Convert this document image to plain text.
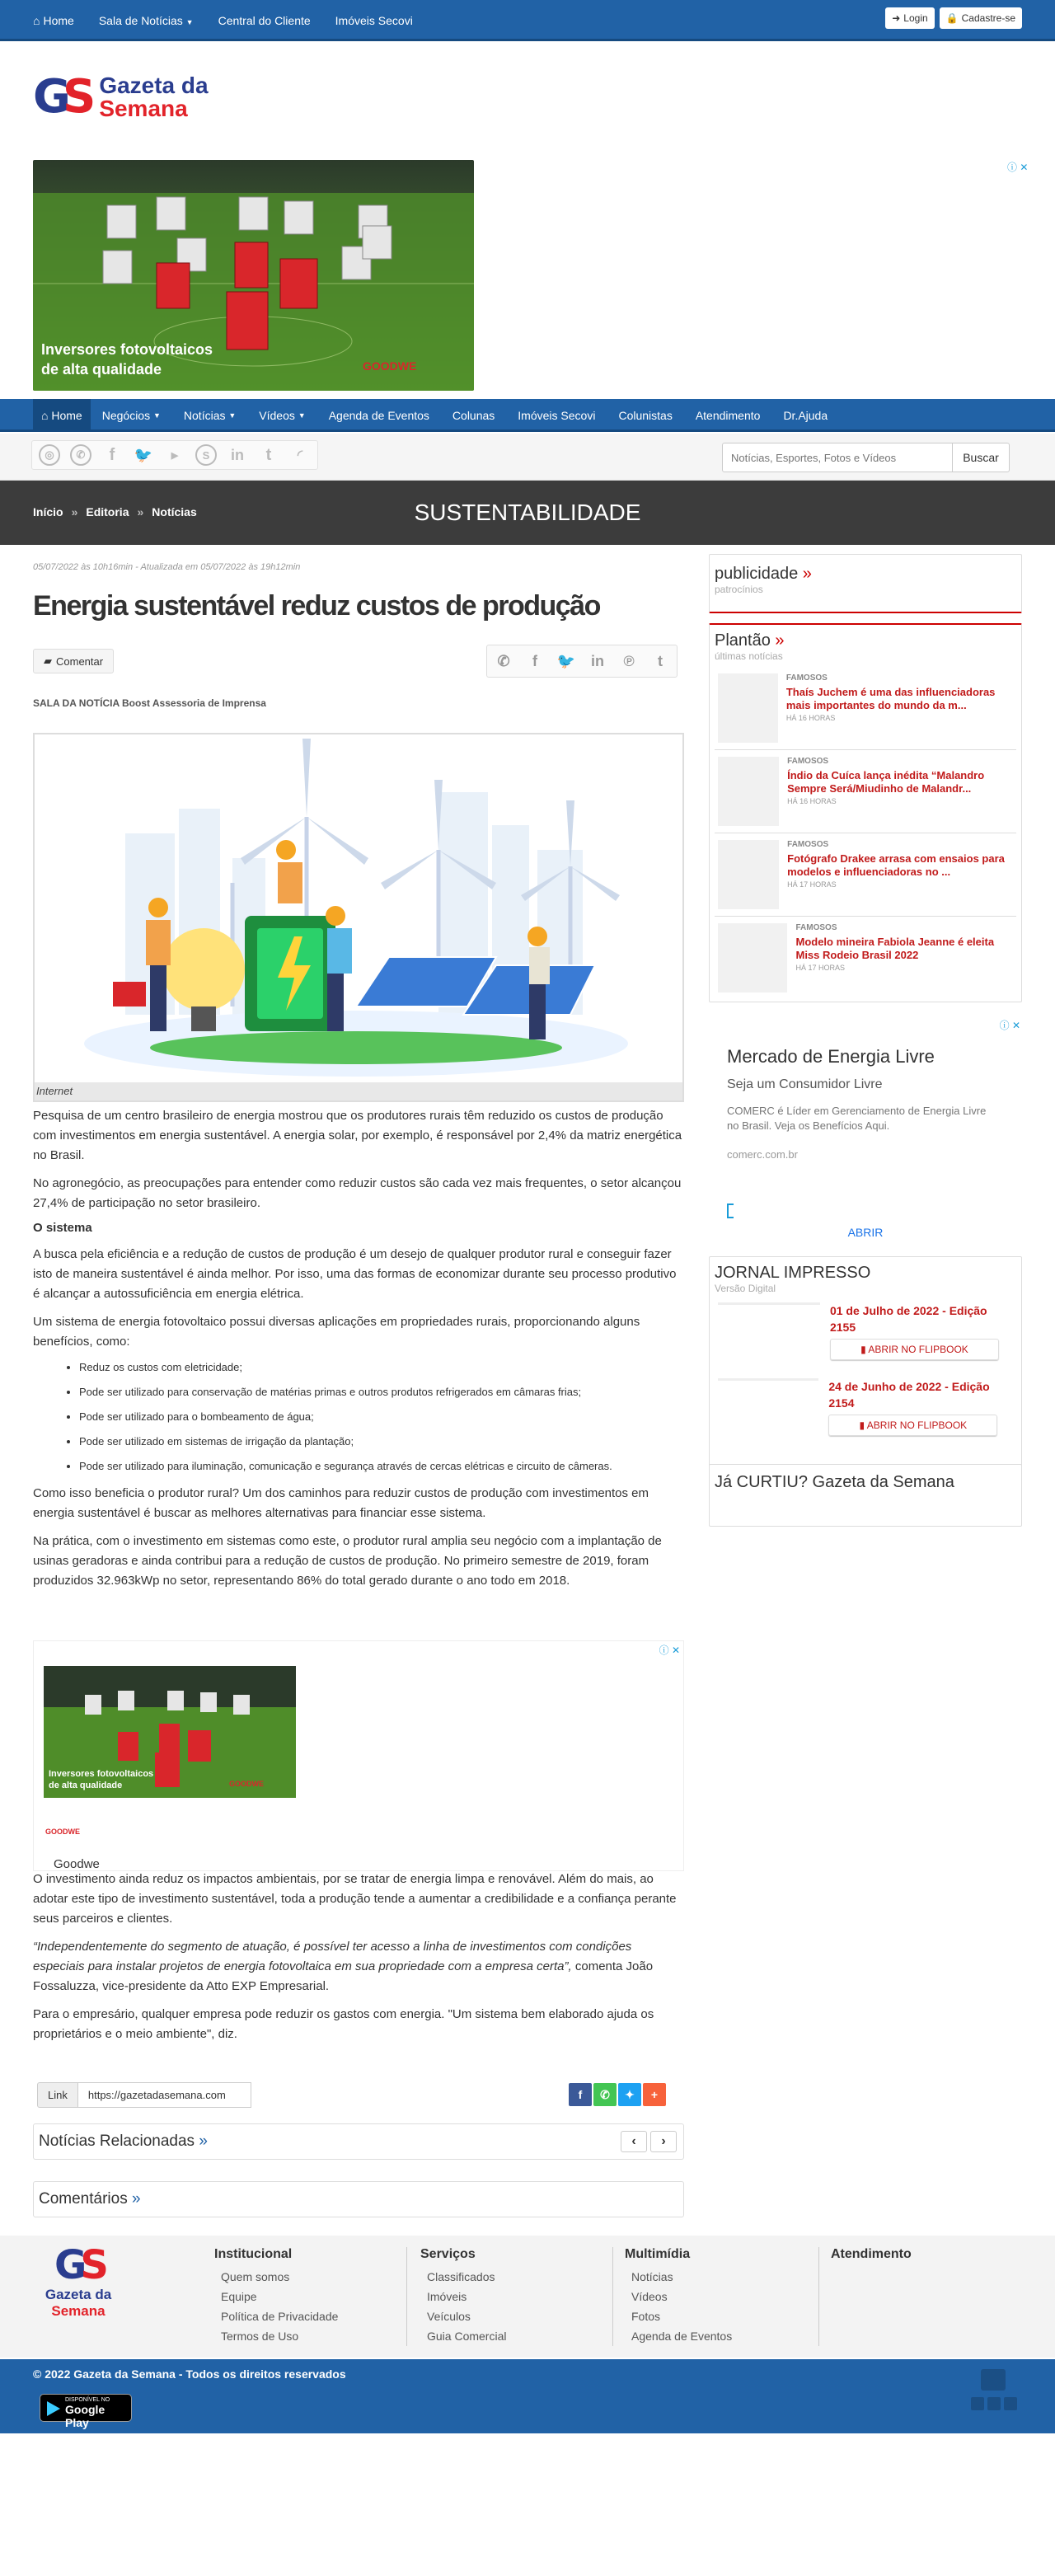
⌂ Home Sala de Notícias ▼ Central do Cliente Imóveis Secovi	➜ Login 🔒 Cadastre-se
GS Gazeta da
Semana
Inversores fotovoltaicos
de alta qualidade	GOODWE
ⓘ ✕
⌂ Home Negócios
▼ Notícias
▼ Vídeos
▼	Agenda de Eventos	Colunas	Imóveis Secovi	Colunistas	Atendimento	Dr.Ajuda
◎	✆	f	🐦	▶	S	in	t	◜
Notícias, Esportes, Fotos e Vídeos	Buscar
Início » Editoria » Notícias	SUSTENTABILIDADE
05/07/2022 às 10h16min - Atualizada em 05/07/2022 às 19h12min
Energia sustentável reduz custos de produção
▰ Comentar	✆	f	🐦	in	℗	t
SALA DA NOTÍCIA Boost Assessoria de Imprensa
Internet

Pesquisa de um centro brasileiro de energia mostrou que os produtores rurais têm reduzido os custos de produção com investimentos em energia sustentável. A energia solar, por exemplo, é responsável por 2,4% da matriz energética no Brasil.

No agronegócio, as preocupações para entender como reduzir custos são cada vez mais frequentes, o setor alcançou 27,4% de participação no setor brasileiro.

O sistema

A busca pela eficiência e a redução de custos de produção é um desejo de qualquer produtor rural e conseguir fazer isto de maneira sustentável é ainda melhor. Por isso, uma das formas de economizar durante seu processo produtivo é alcançar a autossuficiência em energia elétrica.

Um sistema de energia fotovoltaico possui diversas aplicações em propriedades rurais, proporcionando alguns benefícios, como:

• Reduz os custos com eletricidade;
• Pode ser utilizado para conservação de matérias primas e outros produtos refrigerados em câmaras frias;
• Pode ser utilizado para o bombeamento de água;
• Pode ser utilizado em sistemas de irrigação da plantação;
• Pode ser utilizado para iluminação, comunicação e segurança através de cercas elétricas e circuito de câmeras.

Como isso beneficia o produtor rural? Um dos caminhos para reduzir custos de produção com investimentos em energia sustentável é buscar as melhores alternativas para financiar esse sistema.

Na prática, com o investimento em sistemas como este, o produtor rural amplia seu negócio com a implantação de usinas geradoras e ainda contribui para a redução de custos de produção. No primeiro semestre de 2019, foram produzidos 32.963kWp no setor, representando 86% do total gerado durante o ano todo em 2018.

ⓘ ✕
Inversores fotovoltaicos
de alta qualidade	GOODWE
GOODWE
Goodwe

O investimento ainda reduz os impactos ambientais, por se tratar de energia limpa e renovável. Além do mais, ao adotar este tipo de investimento sustentável, toda a produção tende a aumentar a credibilidade e a confiança perante seus parceiros e clientes.

“Independentemente do segmento de atuação, é possível ter acesso a linha de investimentos com condições especiais para instalar projetos de energia fotovoltaica em sua propriedade com a empresa certa”, comenta João Fossaluzza, vice-presidente da Atto EXP Empresarial.

Para o empresário, qualquer empresa pode reduzir os gastos com energia. "Um sistema bem elaborado ajuda os proprietários e o meio ambiente", diz.

Link	https://gazetadasemana.com	f	✆	✦	+
Notícias Relacionadas »	‹	›
Comentários »
publicidade »
patrocínios
Plantão »
últimas notícias
FAMOSOS
Thaís Juchem é uma das influenciadoras mais importantes do mundo da m...
HÁ 16 HORAS
FAMOSOS
Índio da Cuíca lança inédita “Malandro Sempre Será/Miudinho de Malandr...
HÁ 16 HORAS
FAMOSOS
Fotógrafo Drakee arrasa com ensaios para modelos e influenciadoras no ...
HÁ 17 HORAS
FAMOSOS
Modelo mineira Fabiola Jeanne é eleita Miss Rodeio Brasil 2022
HÁ 17 HORAS
ⓘ ✕
Mercado de Energia Livre
Seja um Consumidor Livre
COMERC é Líder em Gerenciamento de Energia Livre no Brasil. Veja os Benefícios Aqui.
comerc.com.br
ABRIR
JORNAL IMPRESSO
Versão Digital
01 de Julho de 2022 - Edição 2155
▮ ABRIR NO FLIPBOOK
24 de Junho de 2022 - Edição 2154
▮ ABRIR NO FLIPBOOK
Já CURTIU? Gazeta da Semana
GS
Gazeta da
Semana
Institucional
Quem somos
Equipe
Política de Privacidade
Termos de Uso
Serviços
Classificados
Imóveis
Veículos
Guia Comercial
Multimídia
Notícias
Vídeos
Fotos
Agenda de Eventos
Atendimento
© 2022 Gazeta da Semana - Todos os direitos reservados
DISPONÍVEL NO
Google Play
